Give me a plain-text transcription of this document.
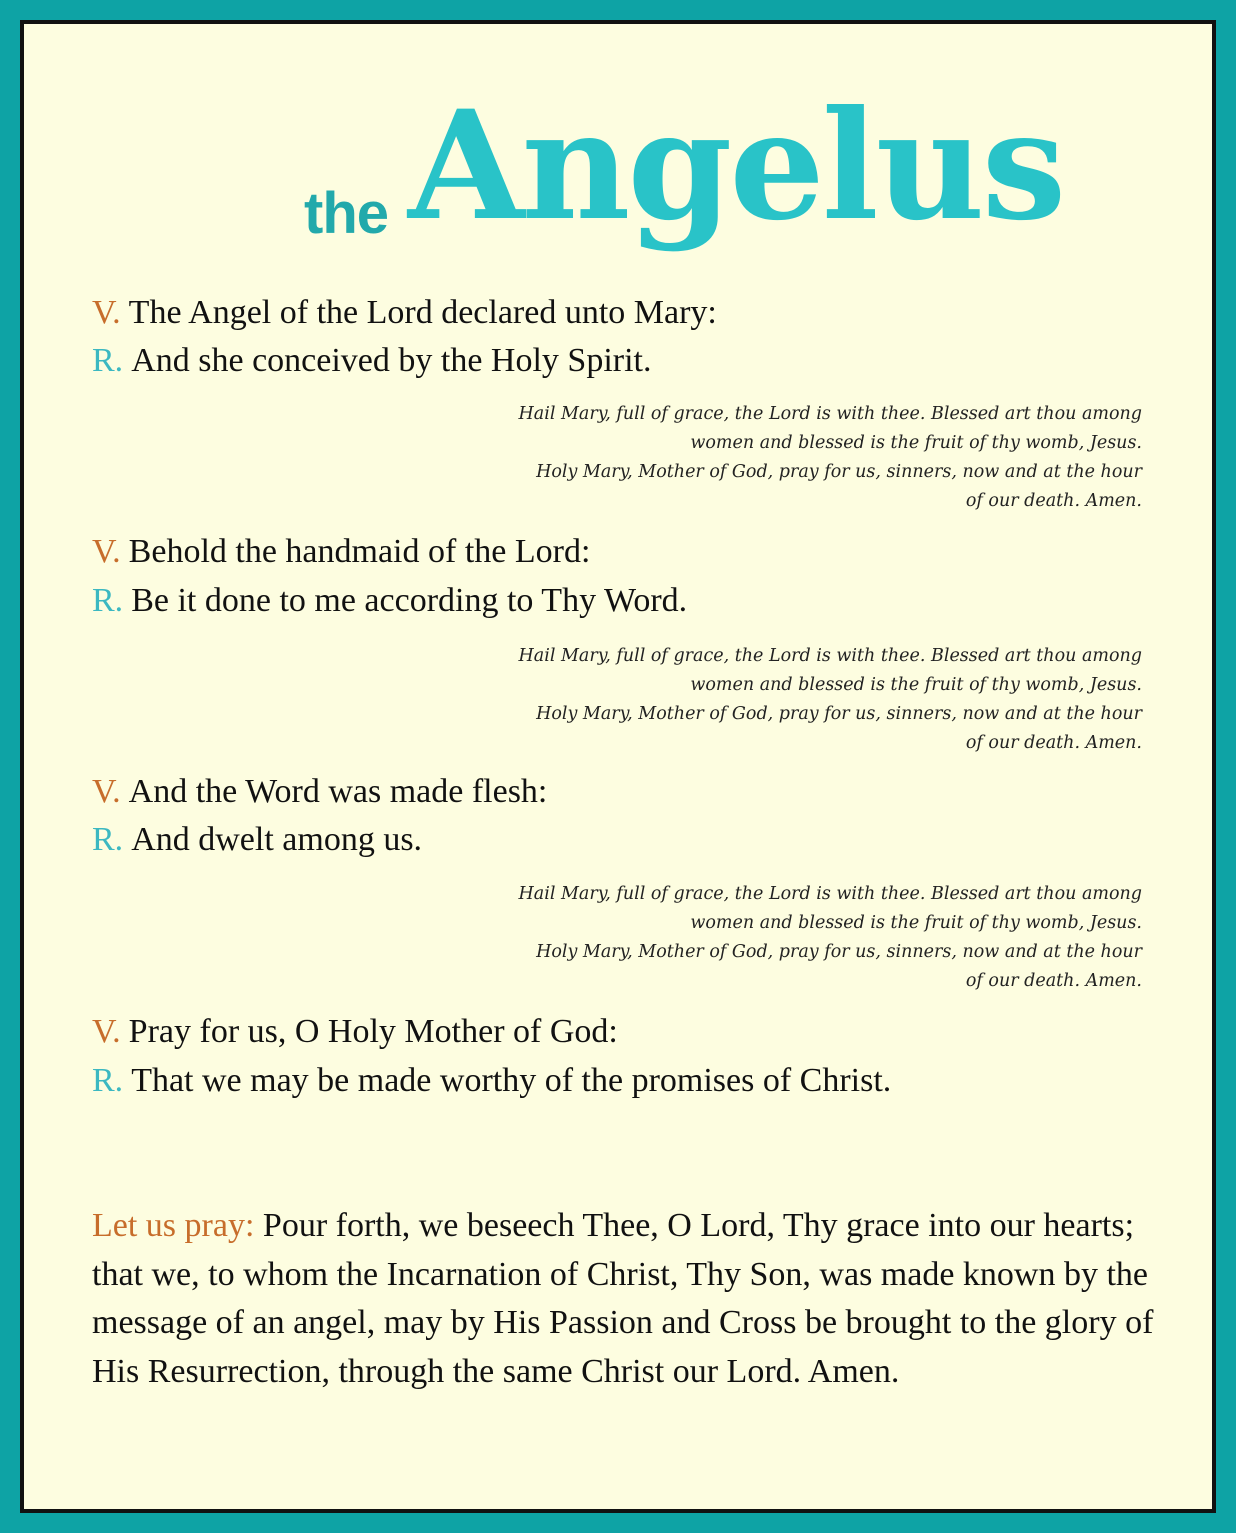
the Angelus
V. The Angel of the Lord declared unto Mary:
R. And she conceived by the Holy Spirit.
Hail Mary, full of grace, the Lord is with thee. Blessed art thou among
women and blessed is the fruit of thy womb, Jesus.
Holy Mary, Mother of God, pray for us, sinners, now and at the hour
of our death. Amen.
V. Behold the handmaid of the Lord:
R. Be it done to me according to Thy Word.
Hail Mary, full of grace, the Lord is with thee. Blessed art thou among
women and blessed is the fruit of thy womb, Jesus.
Holy Mary, Mother of God, pray for us, sinners, now and at the hour
of our death. Amen.
V. And the Word was made flesh:
R. And dwelt among us.
Hail Mary, full of grace, the Lord is with thee. Blessed art thou among
women and blessed is the fruit of thy womb, Jesus.
Holy Mary, Mother of God, pray for us, sinners, now and at the hour
of our death. Amen.
V. Pray for us, O Holy Mother of God:
R. That we may be made worthy of the promises of Christ.
Let us pray: Pour forth, we beseech Thee, O Lord, Thy grace into our hearts; that we, to whom the Incarnation of Christ, Thy Son, was made known by the message of an angel, may by His Passion and Cross be brought to the glory of His Resurrection, through the same Christ our Lord. Amen.
